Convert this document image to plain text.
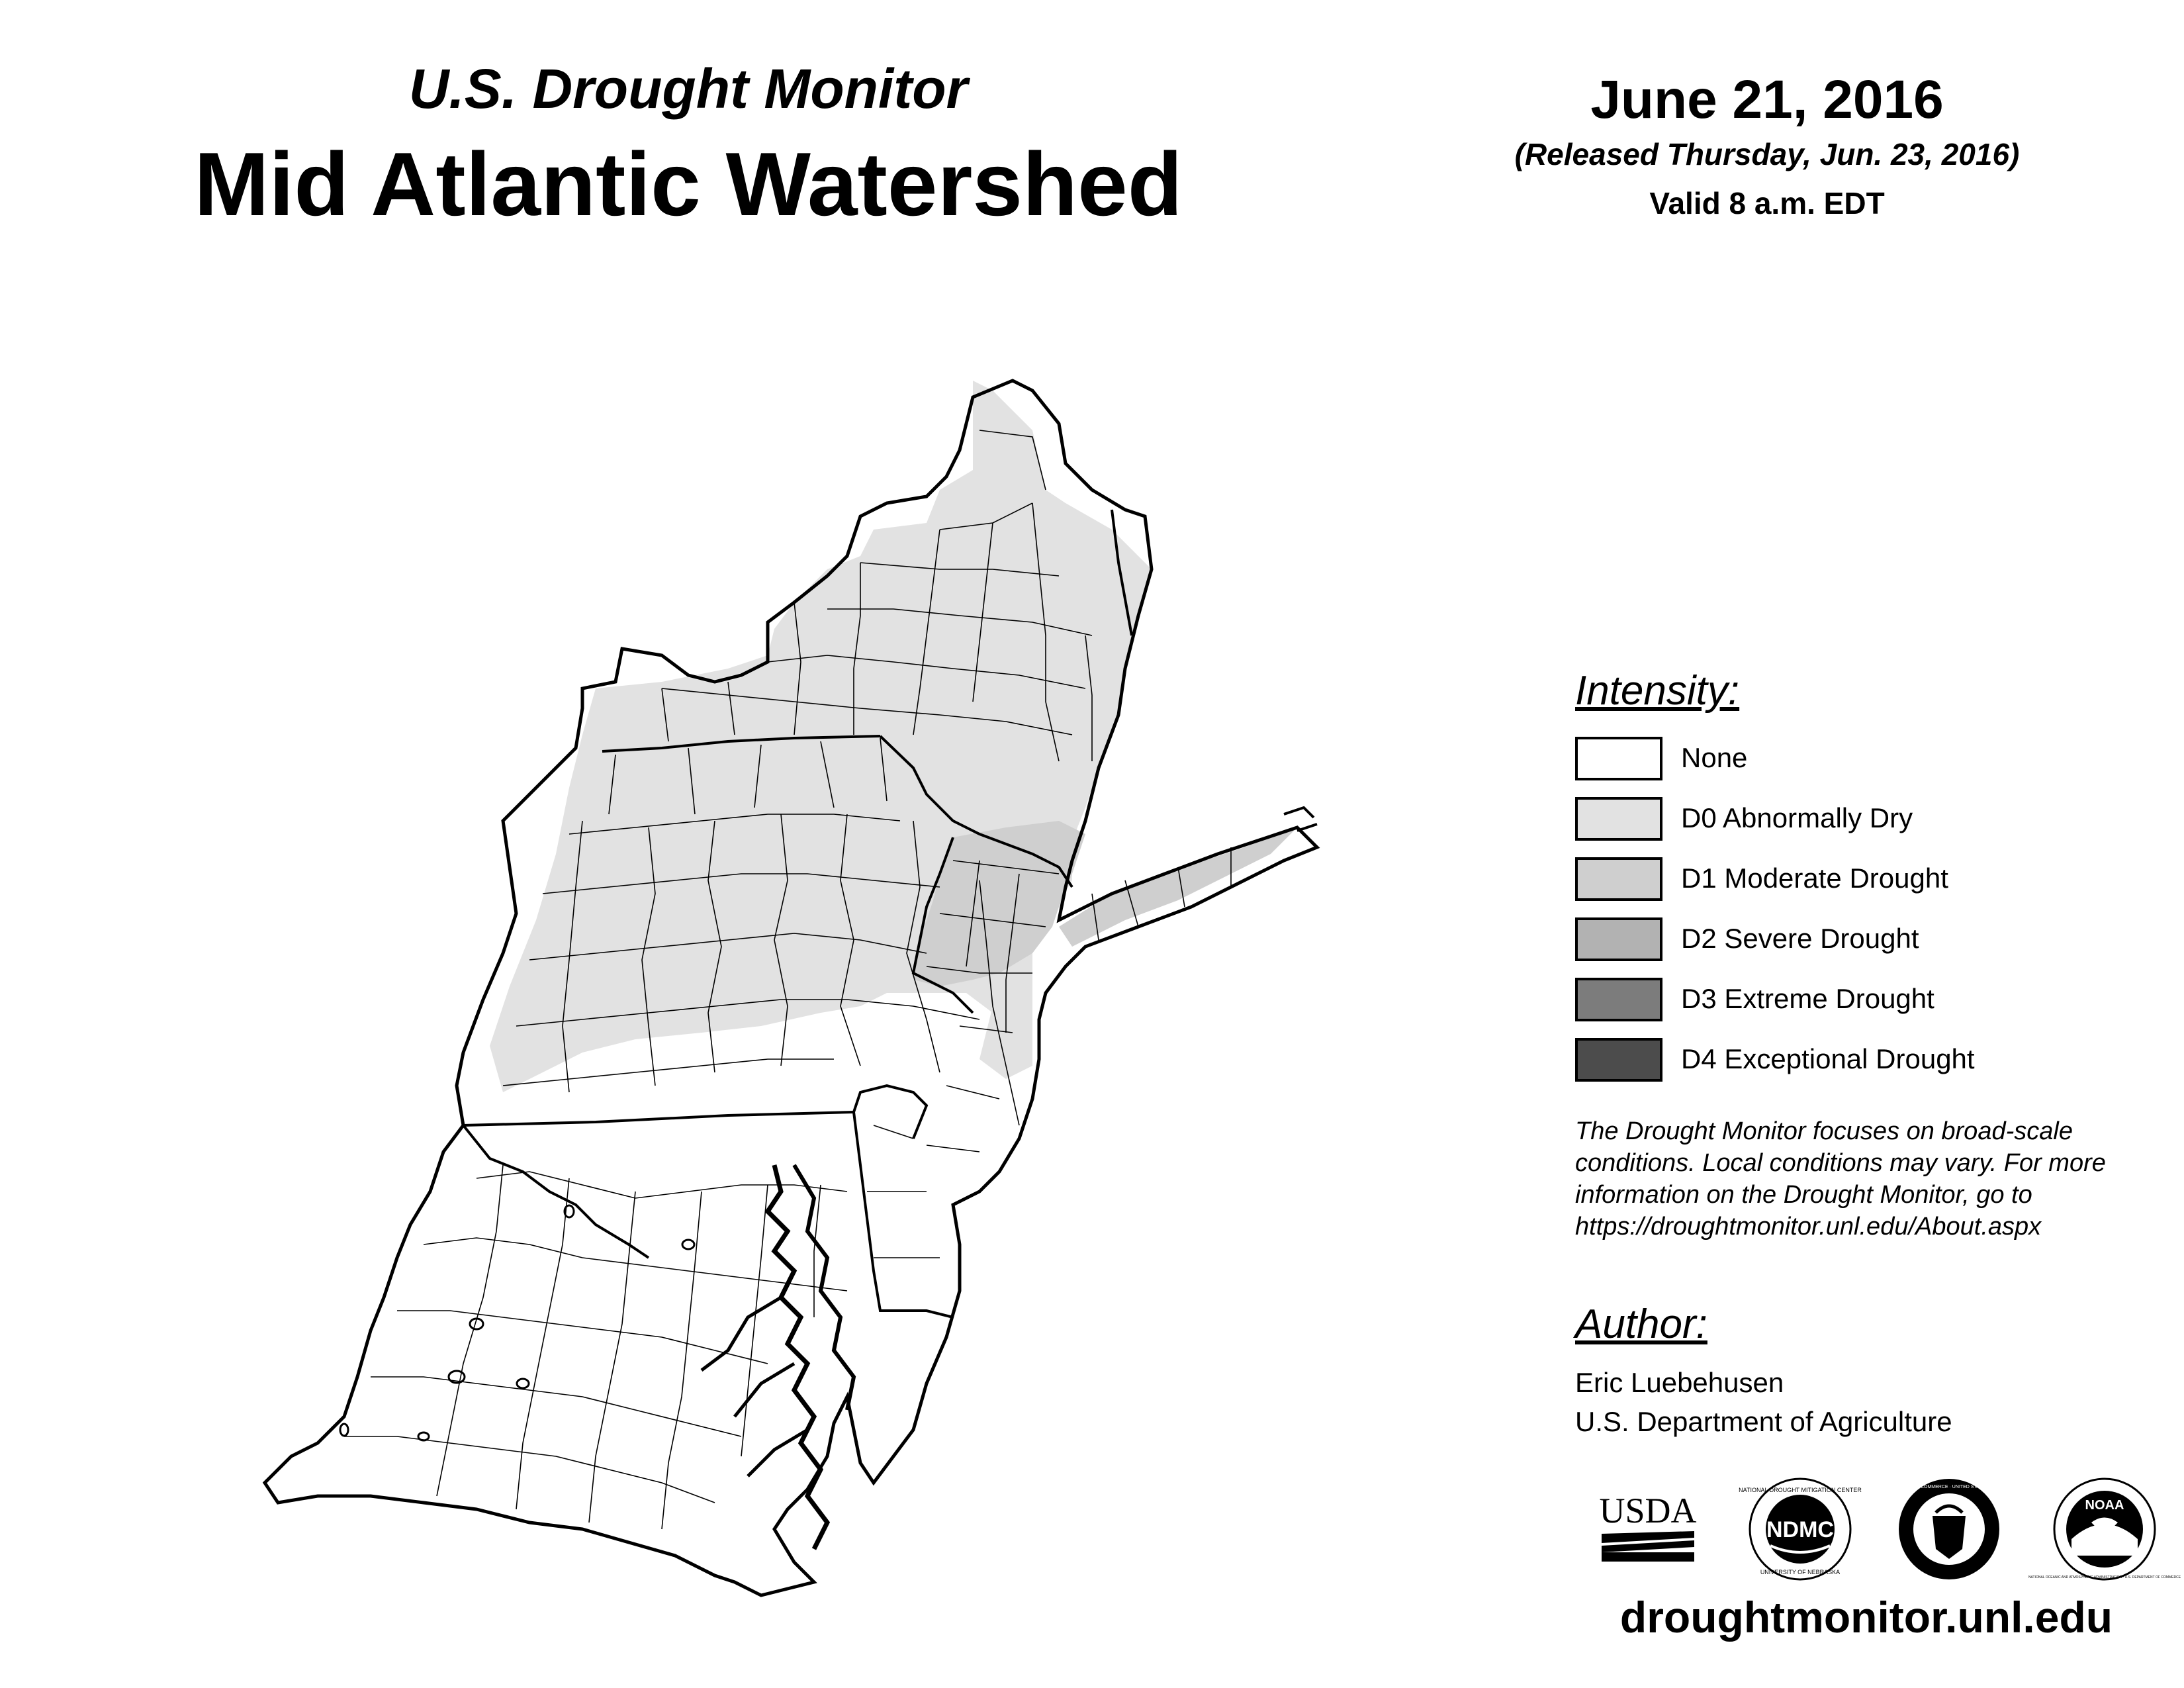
U.S. Drought Monitor
Mid Atlantic Watershed
June 21, 2016
(Released Thursday, Jun. 23, 2016)
Valid 8 a.m. EDT
Intensity:
None
D0 Abnormally Dry
D1 Moderate Drought
D2 Severe Drought
D3 Extreme Drought
D4 Exceptional Drought
The Drought Monitor focuses on broad-scale
conditions. Local conditions may vary. For more
information on the Drought Monitor, go to
https://droughtmonitor.unl.edu/About.aspx
Author:
Eric Luebehusen
U.S. Department of Agriculture
USDA	NDMC
NATIONAL DROUGHT MITIGATION CENTER
UNIVERSITY OF NEBRASKA
DEPARTMENT OF COMMERCE · UNITED STATES OF AMERICA
NOAA
NATIONAL OCEANIC AND ATMOSPHERIC ADMINISTRATION · U.S. DEPARTMENT OF COMMERCE
droughtmonitor.unl.edu
